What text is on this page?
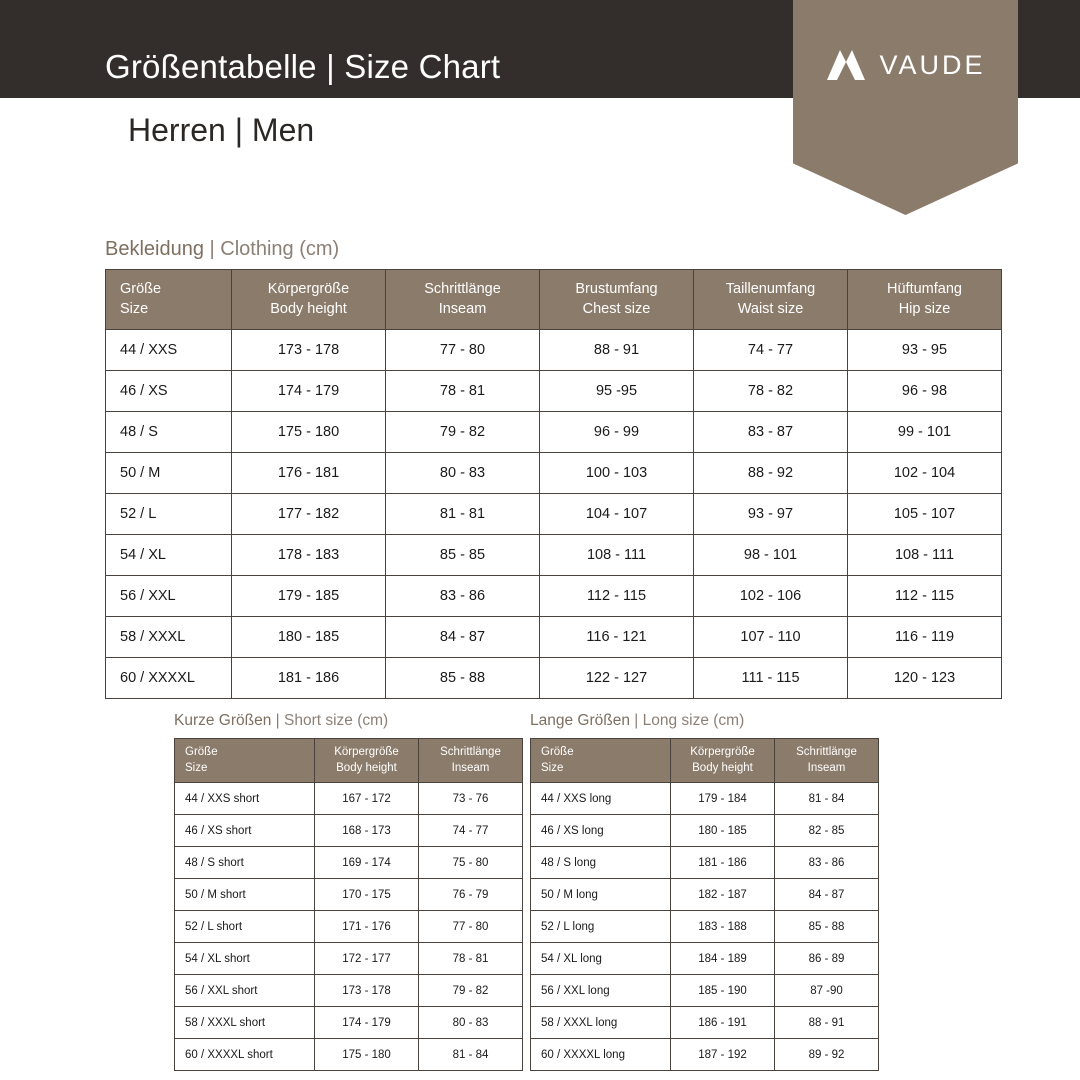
Größentabelle | Size Chart
Herren | Men
VAUDE
Bekleidung | Clothing (cm)
Größe
Size

Körpergröße
Body height

Schrittlänge
Inseam

Brustumfang
Chest size

Taillenumfang
Waist size

Hüftumfang
Hip size

44 / XXS	173 - 178	77 - 80	88 - 91	74 - 77	93 - 95
46 / XS	174 - 179	78 - 81	95 -95	78 - 82	96 - 98
48 / S	175 - 180	79 - 82	96 - 99	83 - 87	99 - 101
50 / M	176 - 181	80 - 83	100 - 103	88 - 92	102 - 104
52 / L	177 - 182	81 - 81	104 - 107	93 - 97	105 - 107
54 / XL	178 - 183	85 - 85	108 - 111	98 - 101	108 - 111
56 / XXL	179 - 185	83 - 86	112 - 115	102 - 106	112 - 115
58 / XXXL	180 - 185	84 - 87	116 - 121	107 - 110	116 - 119
60 / XXXXL	181 - 186	85 - 88	122 - 127	111 - 115	120 - 123
Kurze Größen | Short size (cm)
Größe
Size

Körpergröße
Body height

Schrittlänge
Inseam

44 / XXS short	167 - 172	73 - 76
46 / XS short	168 - 173	74 - 77
48 / S short	169 - 174	75 - 80
50 / M short	170 - 175	76 - 79
52 / L short	171 - 176	77 - 80
54 / XL short	172 - 177	78 - 81
56 / XXL short	173 - 178	79 - 82
58 / XXXL short	174 - 179	80 - 83
60 / XXXXL short	175 - 180	81 - 84
Lange Größen | Long size (cm)
Größe
Size

Körpergröße
Body height

Schrittlänge
Inseam

44 / XXS long	179 - 184	81 - 84
46 / XS long	180 - 185	82 - 85
48 / S long	181 - 186	83 - 86
50 / M long	182 - 187	84 - 87
52 / L long	183 - 188	85 - 88
54 / XL long	184 - 189	86 - 89
56 / XXL long	185 - 190	87 -90
58 / XXXL long	186 - 191	88 - 91
60 / XXXXL long	187 - 192	89 - 92
